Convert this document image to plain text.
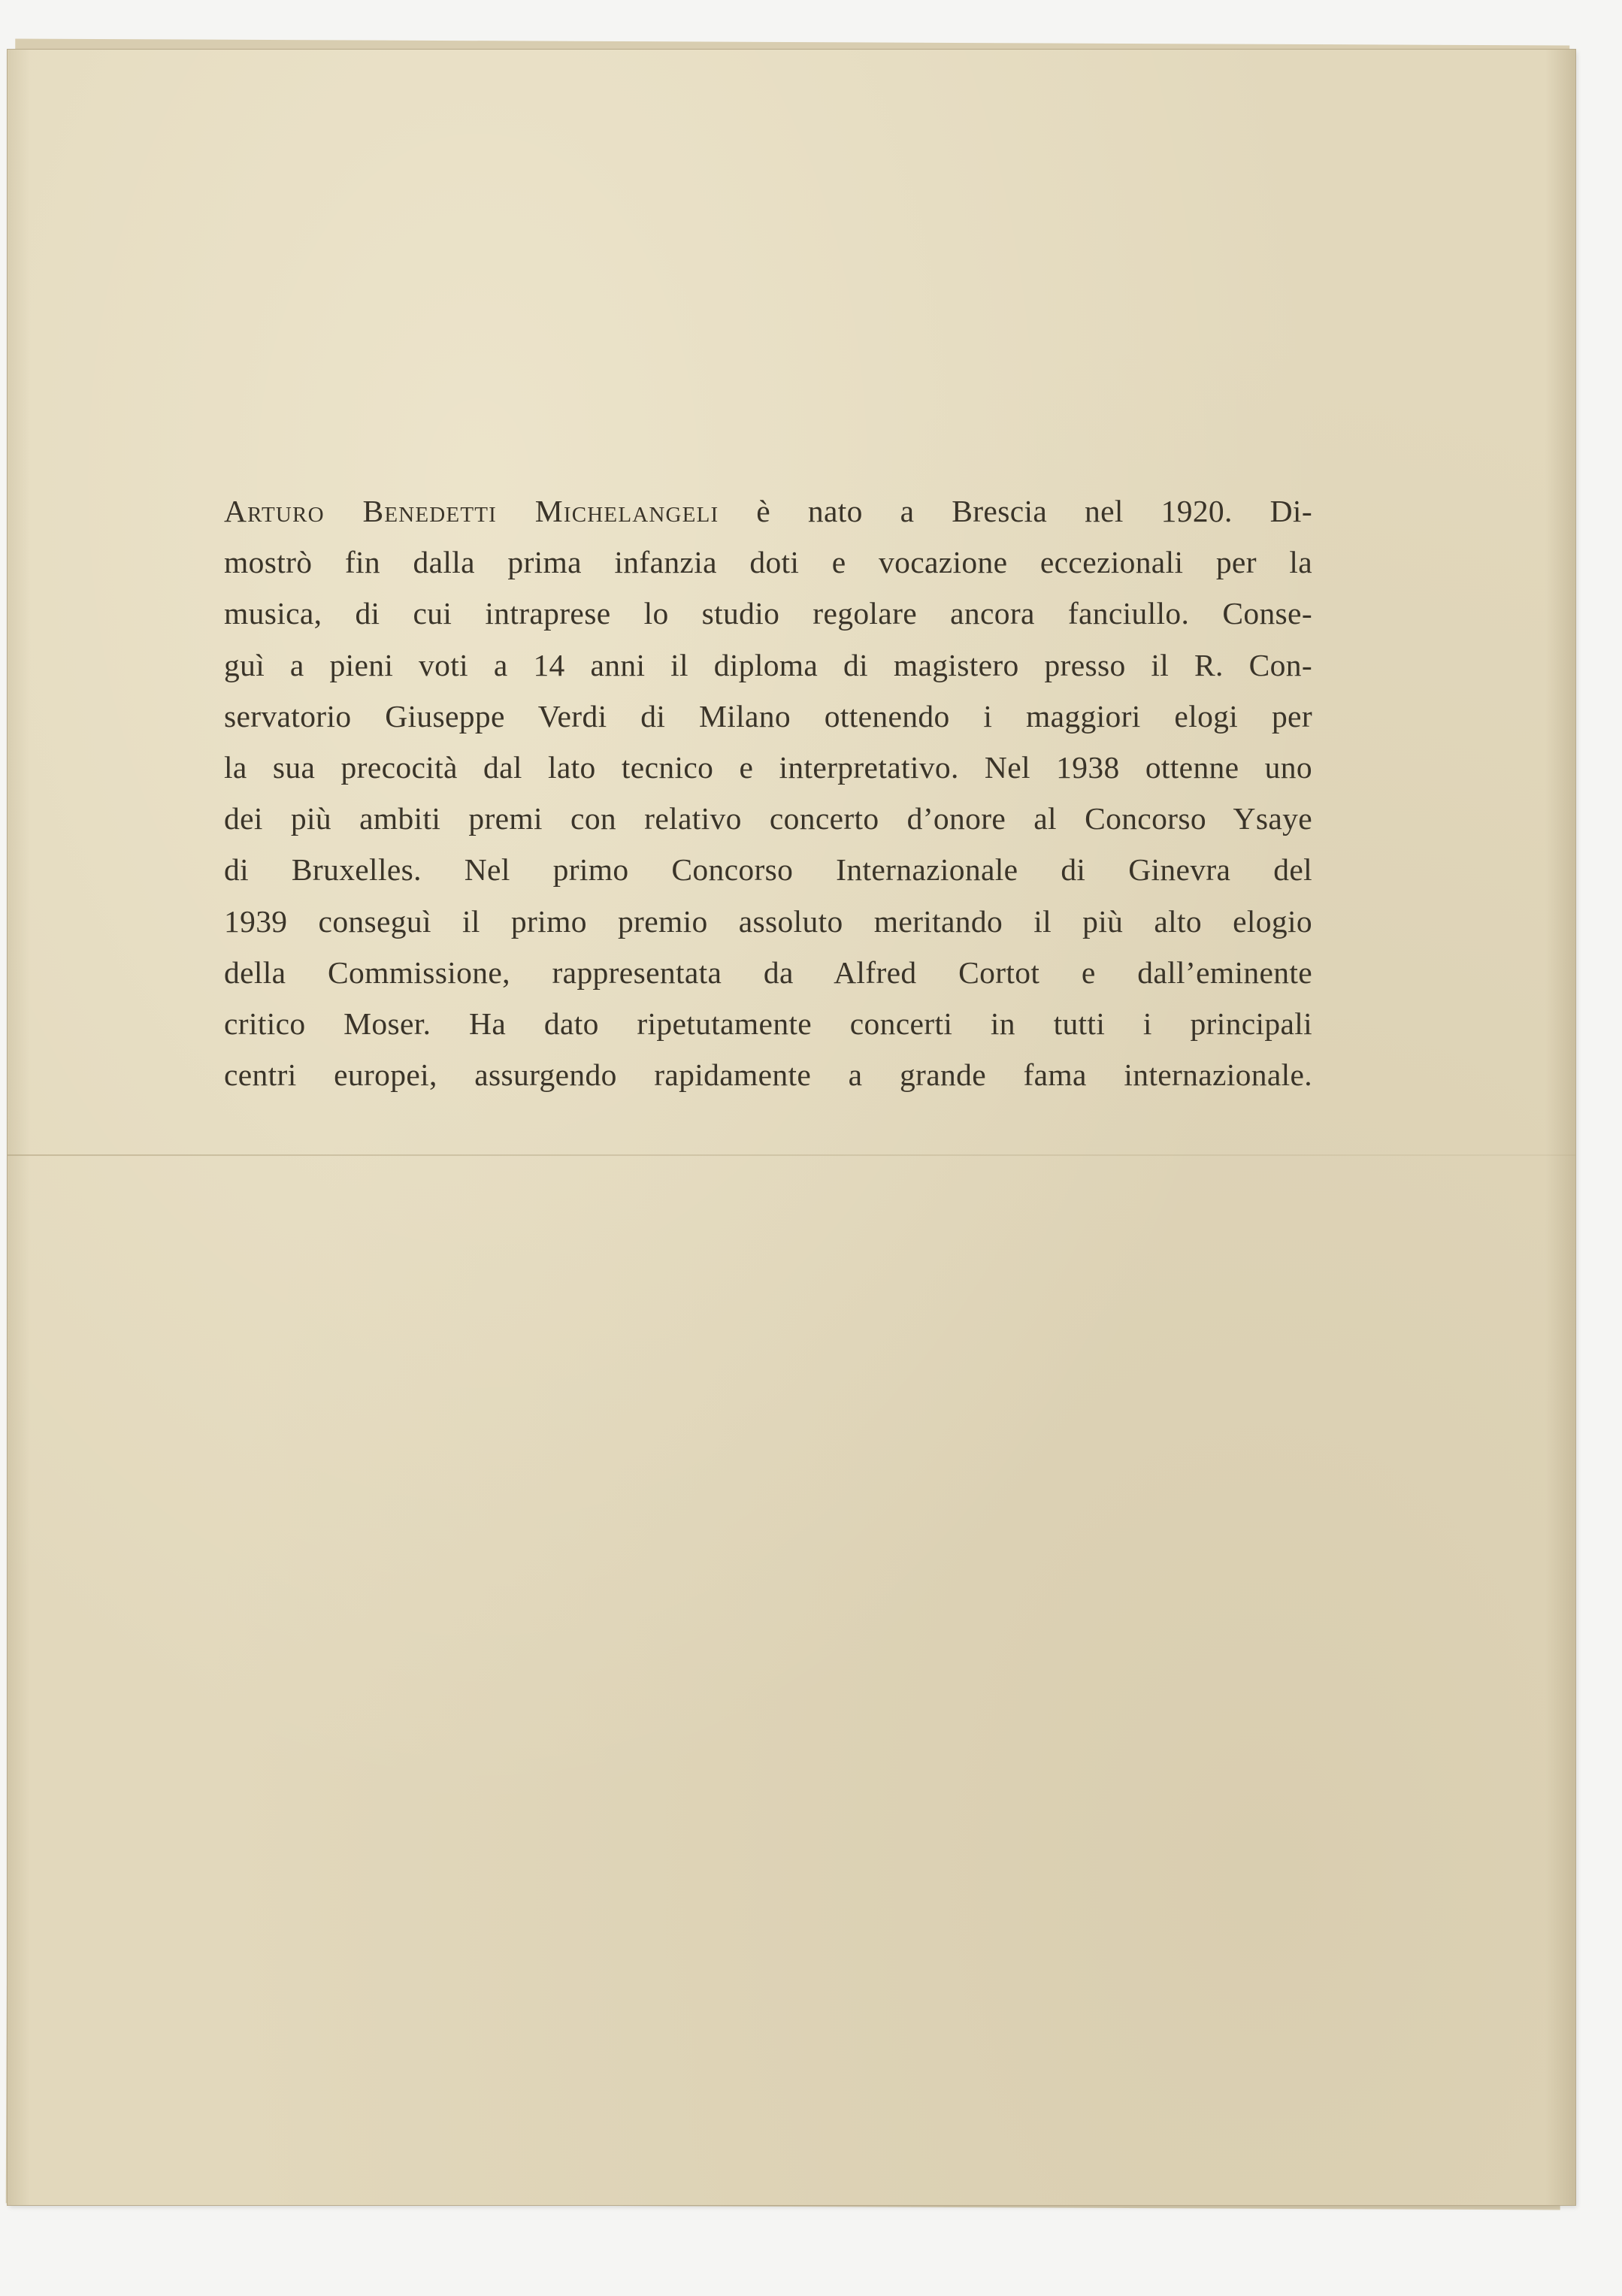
Arturo Benedetti Michelangeli è nato a Brescia nel 1920. Di-
mostrò fin dalla prima infanzia doti e vocazione eccezionali per la
musica, di cui intraprese lo studio regolare ancora fanciullo. Conse-
guì a pieni voti a 14 anni il diploma di magistero presso il R. Con-
servatorio Giuseppe Verdi di Milano ottenendo i maggiori elogi per
la sua precocità dal lato tecnico e interpretativo. Nel 1938 ottenne uno
dei più ambiti premi con relativo concerto d’onore al Concorso Ysaye
di Bruxelles. Nel primo Concorso Internazionale di Ginevra del
1939 conseguì il primo premio assoluto meritando il più alto elogio
della Commissione, rappresentata da Alfred Cortot e dall’eminente
critico Moser. Ha dato ripetutamente concerti in tutti i principali
centri europei, assurgendo rapidamente a grande fama internazionale.
